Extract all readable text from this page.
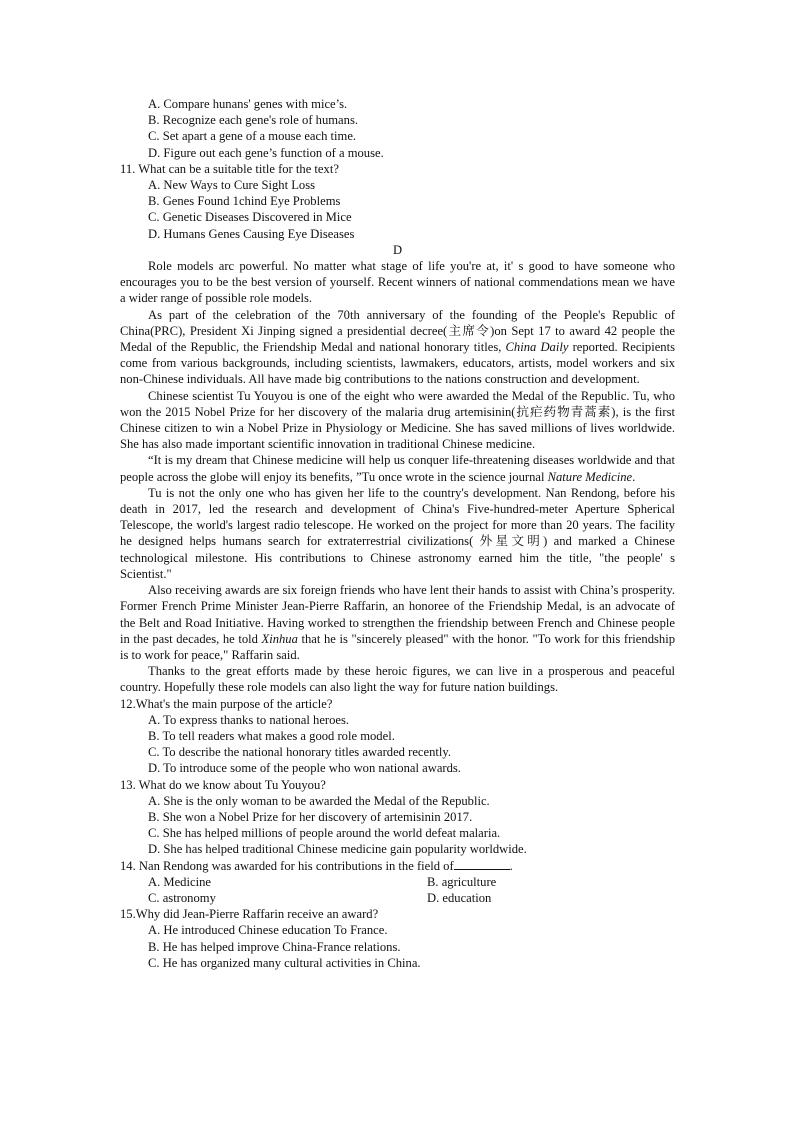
A. Compare hunans' genes with mice’s.
B. Recognize each gene's role of humans.
C. Set apart a gene of a mouse each time.
D. Figure out each gene’s function of a mouse.
11. What can be a suitable title for the text?
A. New Ways to Cure Sight Loss
B. Genes Found 1chind Eye Problems
C. Genetic Diseases Discovered in Mice
D. Humans Genes Causing Eye Diseases
D

Role models arc powerful. No matter what stage of life you're at, it' s good to have someone who encourages you to be the best version of yourself. Recent winners of national commendations mean we have a wider range of possible role models.

As part of the celebration of the 70th anniversary of the founding of the People's Republic of China(PRC), President Xi Jinping signed a presidential decree(主席令)on Sept 17 to award 42 people the Medal of the Republic, the Friendship Medal and national honorary titles, China Daily reported. Recipients come from various backgrounds, including scientists, lawmakers, educators, artists, model workers and six non-Chinese individuals. All have made big contributions to the nations construction and development.

Chinese scientist Tu Youyou is one of the eight who were awarded the Medal of the Republic. Tu, who won the 2015 Nobel Prize for her discovery of the malaria drug artemisinin(抗疟药物青蒿素), is the first Chinese citizen to win a Nobel Prize in Physiology or Medicine. She has saved millions of lives worldwide. She has also made important scientific innovation in traditional Chinese medicine.

“It is my dream that Chinese medicine will help us conquer life-threatening diseases worldwide and that people across the globe will enjoy its benefits, ”Tu once wrote in the science journal Nature Medicine.

Tu is not the only one who has given her life to the country's development. Nan Rendong, before his death in 2017, led the research and development of China's Five-hundred-meter Aperture Spherical Telescope, the world's largest radio telescope. He worked on the project for more than 20 years. The facility he designed helps humans search for extraterrestrial civilizations( 外星文明) and marked a Chinese technological milestone. His contributions to Chinese astronomy earned him the title, "the people' s Scientist."

Also receiving awards are six foreign friends who have lent their hands to assist with China’s prosperity. Former French Prime Minister Jean-Pierre Raffarin, an honoree of the Friendship Medal, is an advocate of the Belt and Road Initiative. Having worked to strengthen the friendship between French and Chinese people in the past decades, he told Xinhua that he is "sincerely pleased" with the honor. "To work for this friendship is to work for peace," Raffarin said.

Thanks to the great efforts made by these heroic figures, we can live in a prosperous and peaceful country. Hopefully these role models can also light the way for future nation buildings.

12.What's the main purpose of the article?
A. To express thanks to national heroes.
B. To tell readers what makes a good role model.
C. To describe the national honorary titles awarded recently.
D. To introduce some of the people who won national awards.
13. What do we know about Tu Youyou?
A. She is the only woman to be awarded the Medal of the Republic.
B. She won a Nobel Prize for her discovery of artemisinin 2017.
C. She has helped millions of people around the world defeat malaria.
D. She has helped traditional Chinese medicine gain popularity worldwide.
14. Nan Rendong was awarded for his contributions in the field of	.
A. Medicine	B. agriculture
C. astronomy	D. education
15.Why did Jean-Pierre Raffarin receive an award?
A. He introduced Chinese education To France.
B. He has helped improve China-France relations.
C. He has organized many cultural activities in China.
